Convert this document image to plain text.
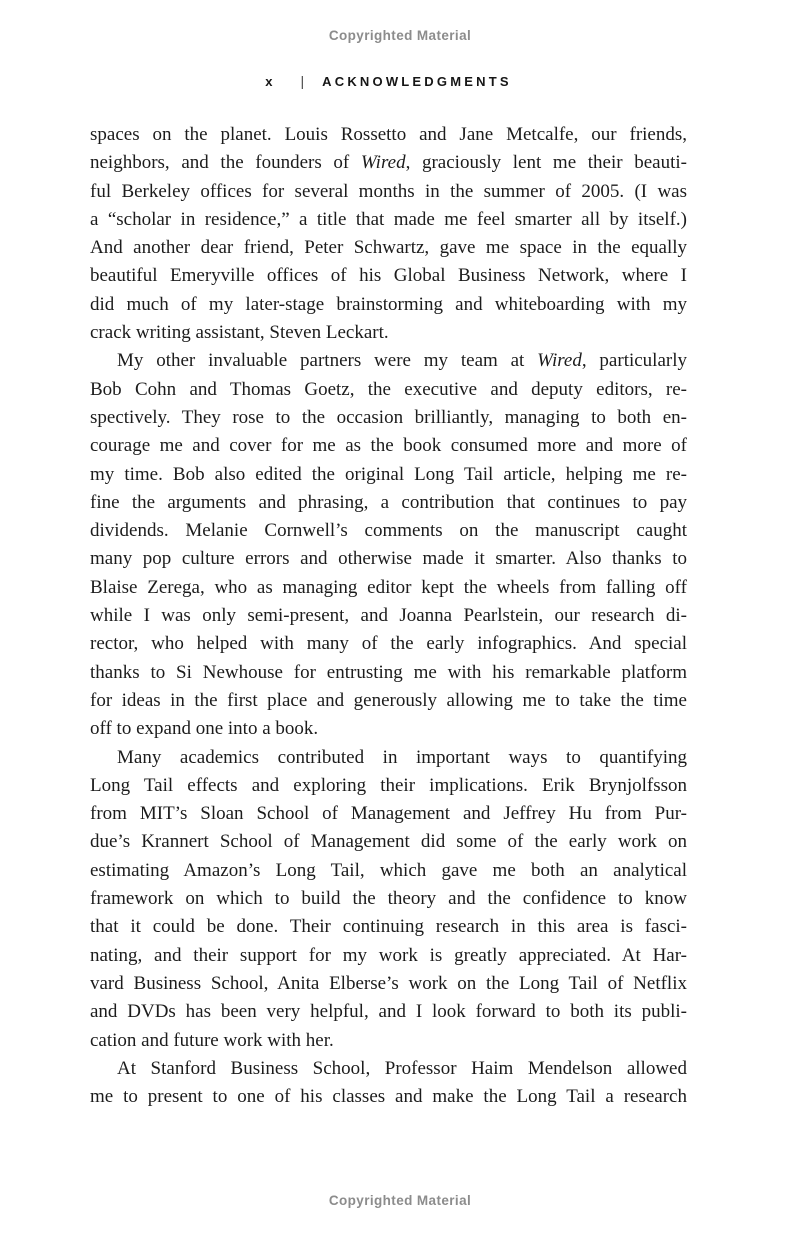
Copyrighted Material
x | ACKNOWLEDGMENTS
spaces on the planet. Louis Rossetto and Jane Metcalfe, our friends,
neighbors, and the founders of Wired, graciously lent me their beauti-
ful Berkeley offices for several months in the summer of 2005. (I was
a “scholar in residence,” a title that made me feel smarter all by itself.)
And another dear friend, Peter Schwartz, gave me space in the equally
beautiful Emeryville offices of his Global Business Network, where I
did much of my later-stage brainstorming and whiteboarding with my
crack writing assistant, Steven Leckart.
My other invaluable partners were my team at Wired, particularly
Bob Cohn and Thomas Goetz, the executive and deputy editors, re-
spectively. They rose to the occasion brilliantly, managing to both en-
courage me and cover for me as the book consumed more and more of
my time. Bob also edited the original Long Tail article, helping me re-
fine the arguments and phrasing, a contribution that continues to pay
dividends. Melanie Cornwell’s comments on the manuscript caught
many pop culture errors and otherwise made it smarter. Also thanks to
Blaise Zerega, who as managing editor kept the wheels from falling off
while I was only semi-present, and Joanna Pearlstein, our research di-
rector, who helped with many of the early infographics. And special
thanks to Si Newhouse for entrusting me with his remarkable platform
for ideas in the first place and generously allowing me to take the time
off to expand one into a book.
Many academics contributed in important ways to quantifying
Long Tail effects and exploring their implications. Erik Brynjolfsson
from MIT’s Sloan School of Management and Jeffrey Hu from Pur-
due’s Krannert School of Management did some of the early work on
estimating Amazon’s Long Tail, which gave me both an analytical
framework on which to build the theory and the confidence to know
that it could be done. Their continuing research in this area is fasci-
nating, and their support for my work is greatly appreciated. At Har-
vard Business School, Anita Elberse’s work on the Long Tail of Netflix
and DVDs has been very helpful, and I look forward to both its publi-
cation and future work with her.
At Stanford Business School, Professor Haim Mendelson allowed
me to present to one of his classes and make the Long Tail a research
Copyrighted Material
